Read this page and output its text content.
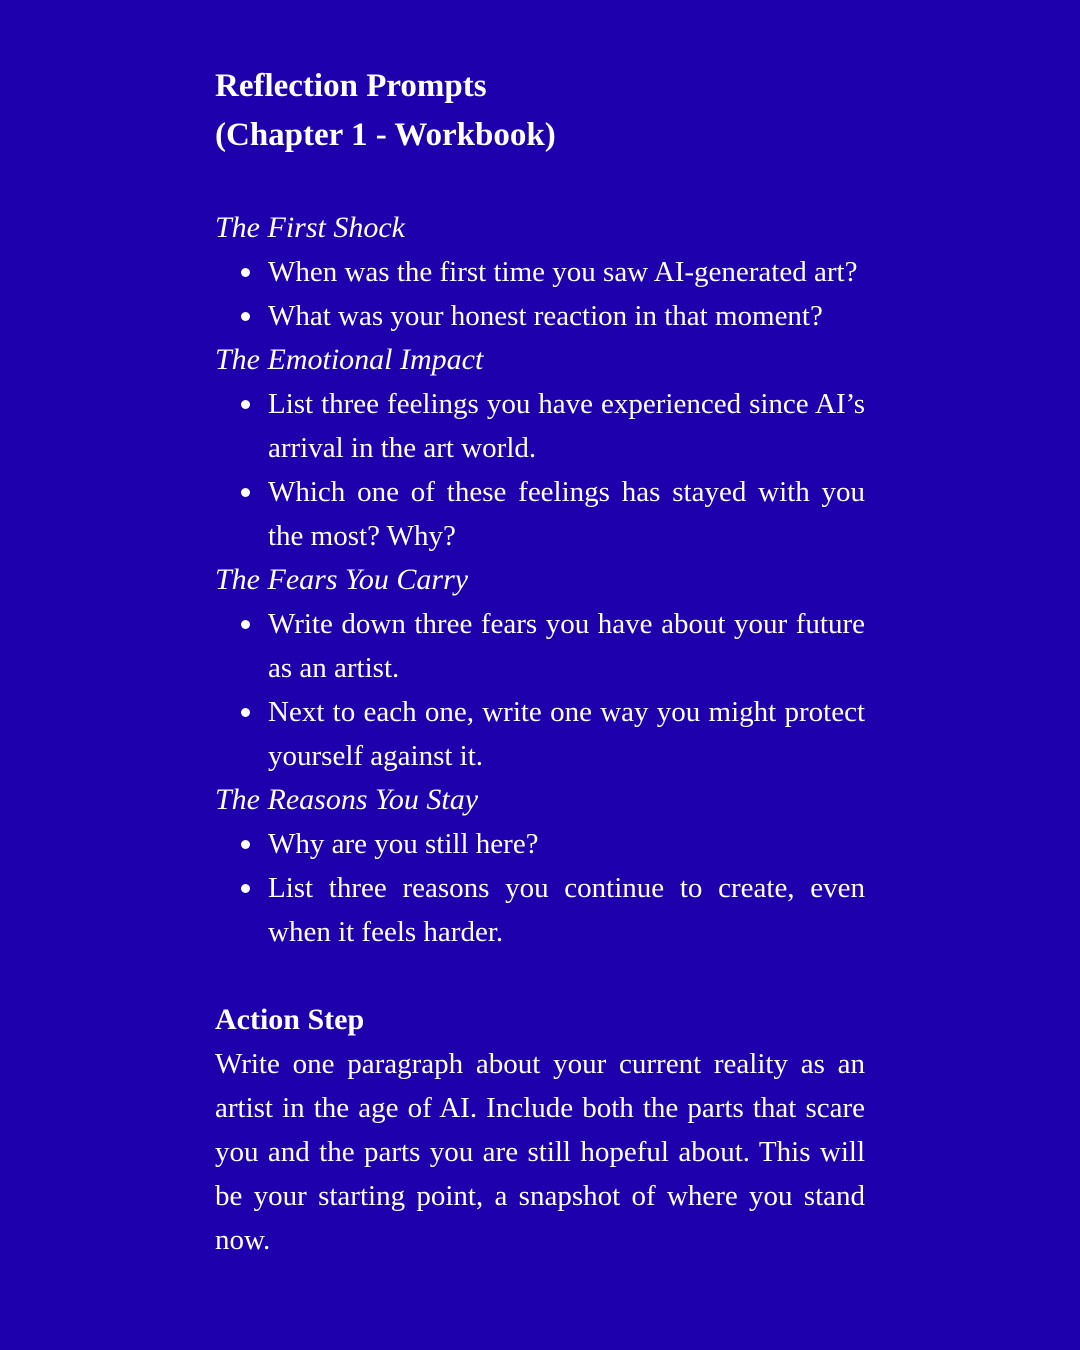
Reflection Prompts
(Chapter 1 - Workbook)

The First Shock

When was the first time you saw AI-generated art?
What was your honest reaction in that moment?

The Emotional Impact

List three feelings you have experienced since AI’s arrival in the art world.
Which one of these feelings has stayed with you the most? Why?

The Fears You Carry

Write down three fears you have about your future as an artist.
Next to each one, write one way you might protect yourself against it.

The Reasons You Stay

Why are you still here?
List three reasons you continue to create, even when it feels harder.

Action Step

Write one paragraph about your current reality as an artist in the age of AI. Include both the parts that scare you and the parts you are still hopeful about. This will be your starting point, a snapshot of where you stand now.
